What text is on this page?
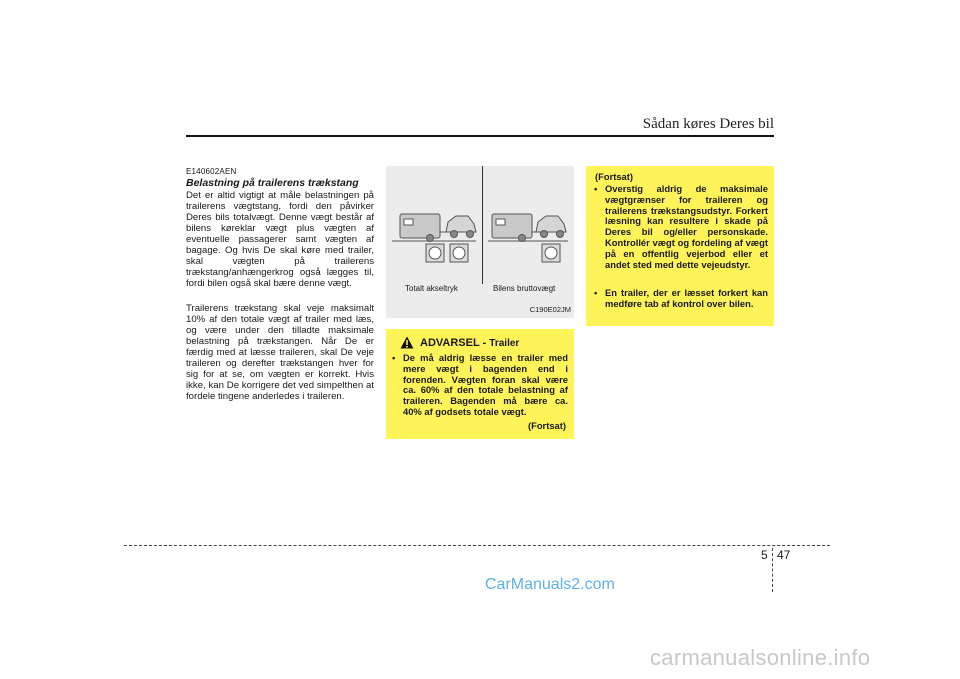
Sådan køres Deres bil
E140602AEN
Belastning på trailerens trækstang
Det er altid vigtigt at måle belastningen på trailerens vægtstang, fordi den påvirker Deres bils totalvægt. Denne vægt består af bilens køreklar vægt plus vægten af eventuelle passagerer samt vægten af bagage. Og hvis De skal køre med trailer, skal vægten på trailerens trækstang/anhængerkrog også lægges til, fordi bilen også skal bære denne vægt.
Trailerens trækstang skal veje maksimalt 10% af den totale vægt af trailer med læs, og være under den tilladte maksimale belastning på trækstangen. Når De er færdig med at læsse traileren, skal De veje traileren og derefter trækstangen hver for sig for at se, om vægten er korrekt. Hvis ikke, kan De korrigere det ved simpelthen at fordele tingene anderledes i traileren.
Totalt akseltryk	Bilens bruttovægt
C190E02JM
ADVARSEL - Trailer
• De må aldrig læsse en trailer med mere vægt i bagenden end i forenden. Vægten foran skal være ca. 60% af den totale belastning af traileren. Bagenden må bære ca. 40% af godsets totale vægt.
(Fortsat)
(Fortsat)
• Overstig aldrig de maksimale vægtgrænser for traileren og trailerens trækstangsudstyr. Forkert læsning kan resultere i skade på Deres bil og/eller personskade. Kontrollér vægt og fordeling af vægt på en offentlig vejerbod eller et andet sted med dette vejeudstyr.
• En trailer, der er læsset forkert kan medføre tab af kontrol over bilen.
5 47
CarManuals2.com
carmanualsonline.info
